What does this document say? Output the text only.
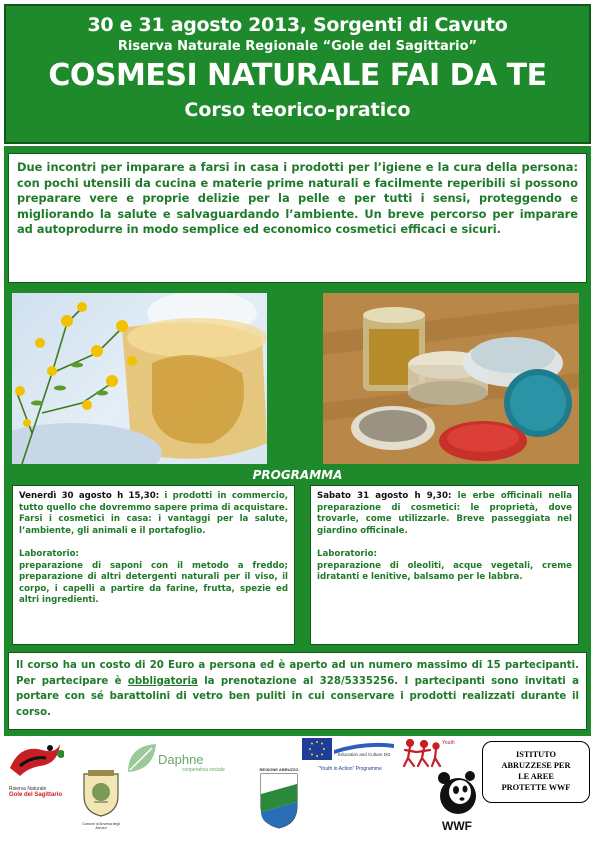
30 e 31 agosto 2013, Sorgenti di Cavuto
Riserva Naturale Regionale “Gole del Sagittario”
COSMESI NATURALE FAI DA TE
Corso teorico-pratico

Due incontri per imparare a farsi in casa i prodotti per l’igiene e la cura della persona: con pochi utensili da cucina e materie prime naturali e facilmente reperibili si possono preparare vere e proprie delizie per la pelle e per tutti i sensi, proteggendo e migliorando la salute e salvaguardando l’ambiente. Un breve percorso per imparare ad autoprodurre in modo semplice ed economico cosmetici efficaci e sicuri.

PROGRAMMA

Venerdì 30 agosto h 15,30: i prodotti in commercio, tutto quello che dovremmo sapere prima di acquistare. Farsi i cosmetici in casa: i vantaggi per la salute, l’ambiente, gli animali e il portafoglio.

Laboratorio:

preparazione di saponi con il metodo a freddo; preparazione di altri detergenti naturali per il viso, il corpo, i capelli a partire da farine, frutta, spezie ed altri ingredienti.

Sabato 31 agosto h 9,30: le erbe officinali nella preparazione di cosmetici: le proprietà, dove trovarle, come utilizzarle. Breve passeggiata nel giardino officinale.

Laboratorio:

preparazione di oleoliti, acque vegetali, creme idratanti e lenitive, balsamo per le labbra.

Il corso ha un costo di 20 Euro a persona ed è aperto ad un numero massimo di 15 partecipanti. Per partecipare è obbligatoria la prenotazione al 328/5335256. I partecipanti sono invitati a portare con sé barattolini di vetro ben puliti in cui conservare i prodotti realizzati durante il corso.

Riserva Naturale
Gole del Sagittario
Comune di Anversa degli Abruzzi
Daphne
cooperativa sociale	REGIONE ABRUZZO
Education and Culture DG
“Youth in Action” Programme
Youth
WWF
ISTITUTO ABRUZZESE PER LE AREE PROTETTE WWF
